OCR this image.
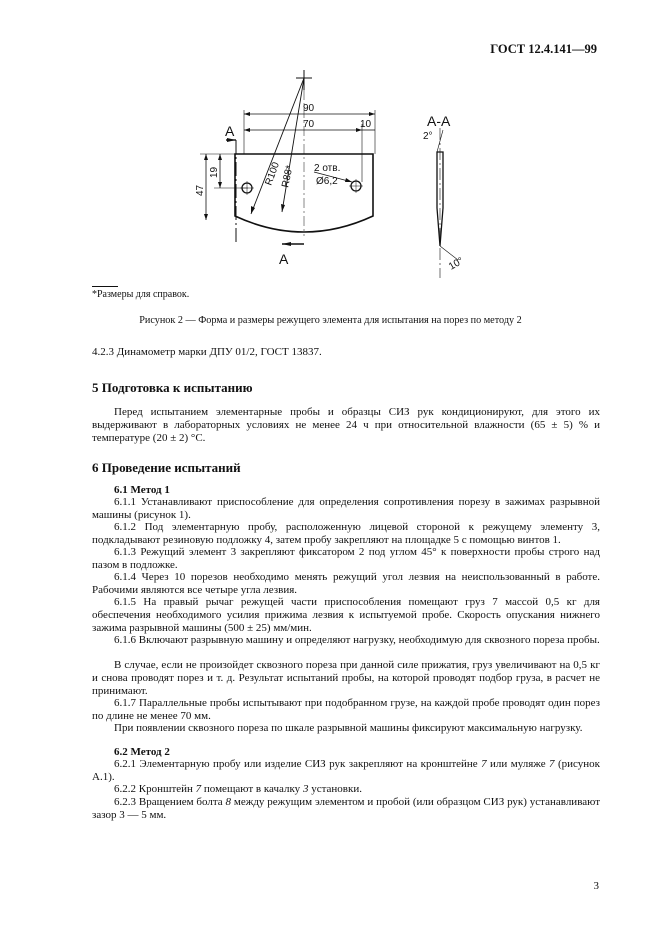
ГОСТ 12.4.141—99
90
70	10
47
19	R100
R88* 2 отв.
Ø6,2
A
A
A-A
2°
10°
*Размеры для справок.
Рисунок 2 — Форма и размеры режущего элемента для испытания на порез по методу 2
4.2.3 Динамометр марки ДПУ 01/2, ГОСТ 13837.
5 Подготовка к испытанию
Перед испытанием элементарные пробы и образцы СИЗ рук кондиционируют, для этого их выдерживают в лабораторных условиях не менее 24 ч при относительной влажности (65 ± 5) % и температуре (20 ± 2) °С.
6 Проведение испытаний
6.1 Метод 1
6.1.1 Устанавливают приспособление для определения сопротивления порезу в зажимах разрывной машины (рисунок 1).
6.1.2 Под элементарную пробу, расположенную лицевой стороной к режущему элементу 3, подкладывают резиновую подложку 4, затем пробу закрепляют на площадке 5 с помощью винтов 1.
6.1.3 Режущий элемент 3 закрепляют фиксатором 2 под углом 45° к поверхности пробы строго над пазом в подложке.
6.1.4 Через 10 порезов необходимо менять режущий угол лезвия на неиспользованный в работе. Рабочими являются все четыре угла лезвия.
6.1.5 На правый рычаг режущей части приспособления помещают груз 7 массой 0,5 кг для обеспечения необходимого усилия прижима лезвия к испытуемой пробе. Скорость опускания нижнего зажима разрывной машины (500 ± 25) мм/мин.
6.1.6 Включают разрывную машину и определяют нагрузку, необходимую для сквозного пореза пробы.
В случае, если не произойдет сквозного пореза при данной силе прижатия, груз увеличивают на 0,5 кг и снова проводят порез и т. д. Результат испытаний пробы, на которой проводят подбор груза, в расчет не принимают.
6.1.7 Параллельные пробы испытывают при подобранном грузе, на каждой пробе проводят один порез по длине не менее 70 мм.
При появлении сквозного пореза по шкале разрывной машины фиксируют максимальную нагрузку.
6.2 Метод 2
6.2.1 Элементарную пробу или изделие СИЗ рук закрепляют на кронштейне 7 или муляже 7 (рисунок А.1).
6.2.2 Кронштейн 7 помещают в качалку 3 установки.
6.2.3 Вращением болта 8 между режущим элементом и пробой (или образцом СИЗ рук) устанавливают зазор 3 — 5 мм.
3
